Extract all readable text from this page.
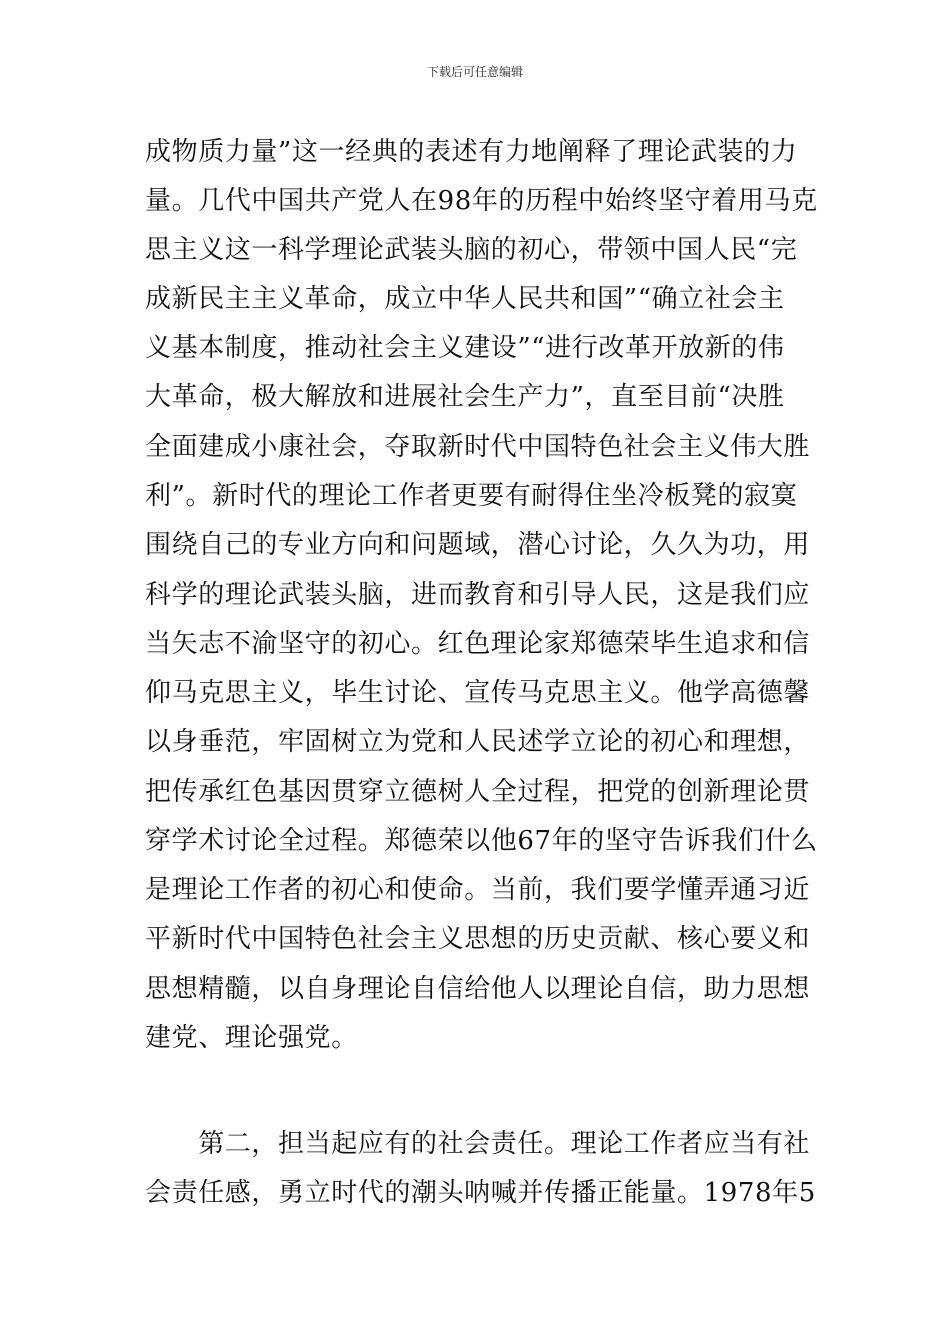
下载后可任意编辑
成物质力量”这一经典的表述有力地阐释了理论武装的力
量。几代中国共产党人在98年的历程中始终坚守着用马克
思主义这一科学理论武装头脑的初心，带领中国人民“完
成新民主主义革命，成立中华人民共和国”“确立社会主
义基本制度，推动社会主义建设”“进行改革开放新的伟
大革命，极大解放和进展社会生产力”，直至目前“决胜
全面建成小康社会，夺取新时代中国特色社会主义伟大胜
利”。新时代的理论工作者更要有耐得住坐冷板凳的寂寞
围绕自己的专业方向和问题域，潜心讨论，久久为功，用
科学的理论武装头脑，进而教育和引导人民，这是我们应
当矢志不渝坚守的初心。红色理论家郑德荣毕生追求和信
仰马克思主义，毕生讨论、宣传马克思主义。他学高德馨
以身垂范，牢固树立为党和人民述学立论的初心和理想，
把传承红色基因贯穿立德树人全过程，把党的创新理论贯
穿学术讨论全过程。郑德荣以他67年的坚守告诉我们什么
是理论工作者的初心和使命。当前，我们要学懂弄通习近
平新时代中国特色社会主义思想的历史贡献、核心要义和
思想精髓，以自身理论自信给他人以理论自信，助力思想
建党、理论强党。
　　第二，担当起应有的社会责任。理论工作者应当有社
会责任感，勇立时代的潮头呐喊并传播正能量。1978年5
